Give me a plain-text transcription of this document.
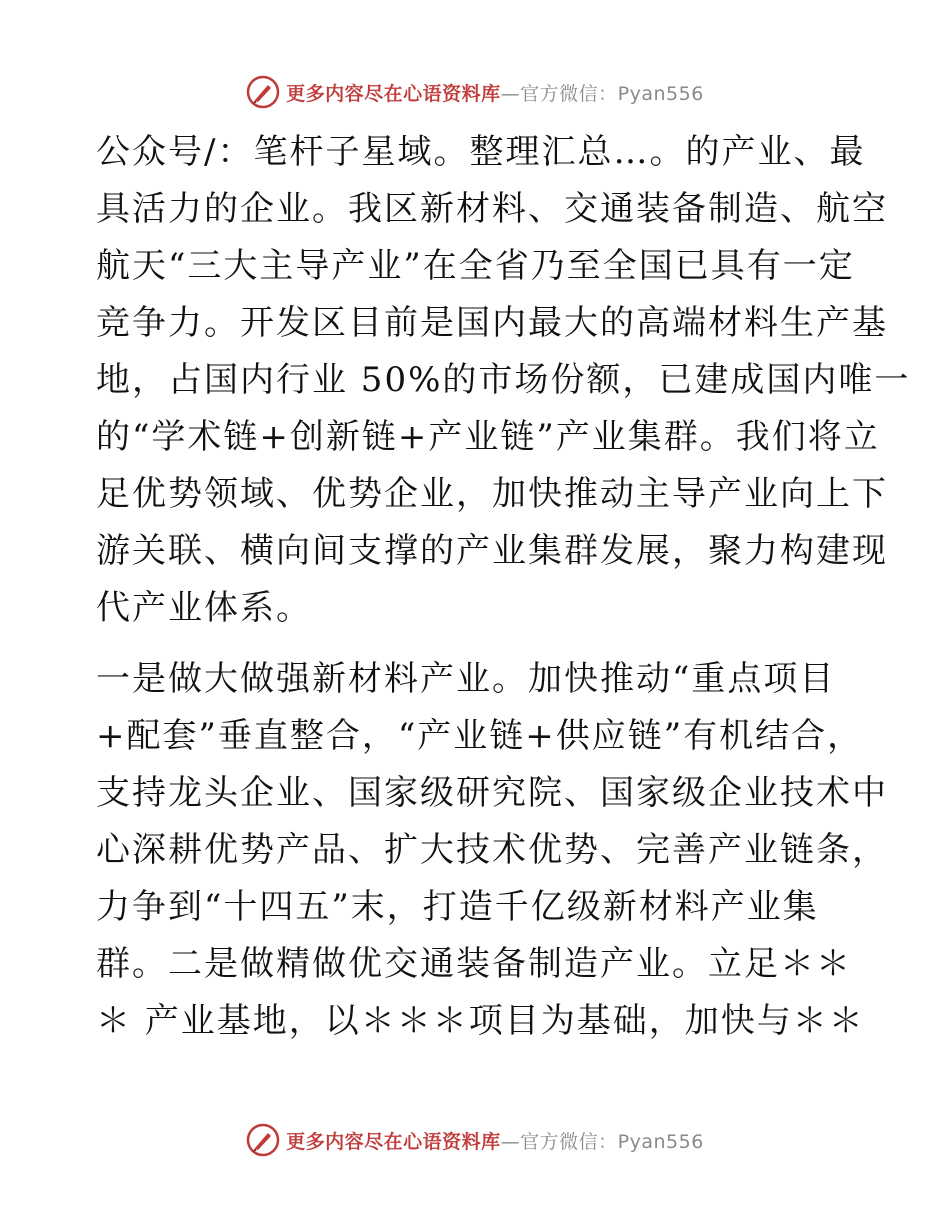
更多内容尽在心语资料库—官方微信：Pyan556
公众号/：笔杆子星域。整理汇总…。的产业、最
具活力的企业。我区新材料、交通装备制造、航空
航天“三大主导产业”在全省乃至全国已具有一定
竞争力。开发区目前是国内最大的高端材料生产基
地，占国内行业 50%的市场份额，已建成国内唯一
的“学术链+创新链+产业链”产业集群。我们将立
足优势领域、优势企业，加快推动主导产业向上下
游关联、横向间支撑的产业集群发展，聚力构建现
代产业体系。
一是做大做强新材料产业。加快推动“重点项目
+配套”垂直整合，“产业链+供应链”有机结合，
支持龙头企业、国家级研究院、国家级企业技术中
心深耕优势产品、扩大技术优势、完善产业链条，
力争到“十四五”末，打造千亿级新材料产业集
群。二是做精做优交通装备制造产业。立足＊＊
＊ 产业基地，以＊＊＊项目为基础，加快与＊＊
更多内容尽在心语资料库—官方微信：Pyan556
